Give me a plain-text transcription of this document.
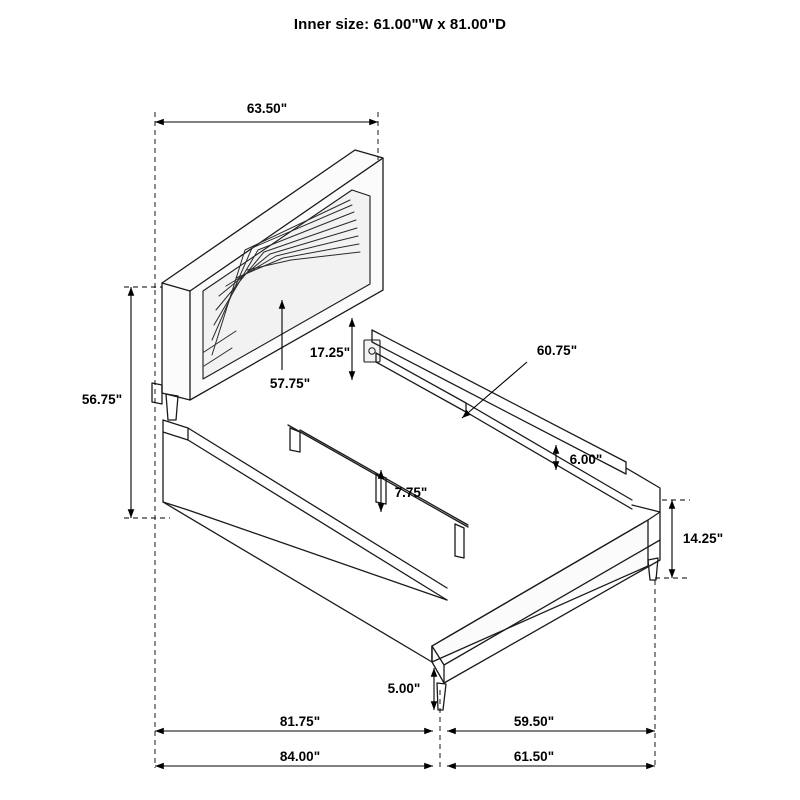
Inner size: 61.00"W x 81.00"D
63.50"
17.25"	60.75"
57.75"
56.75"
6.00"
7.75"
14.25"
5.00"
81.75"	59.50"
84.00"	61.50"
